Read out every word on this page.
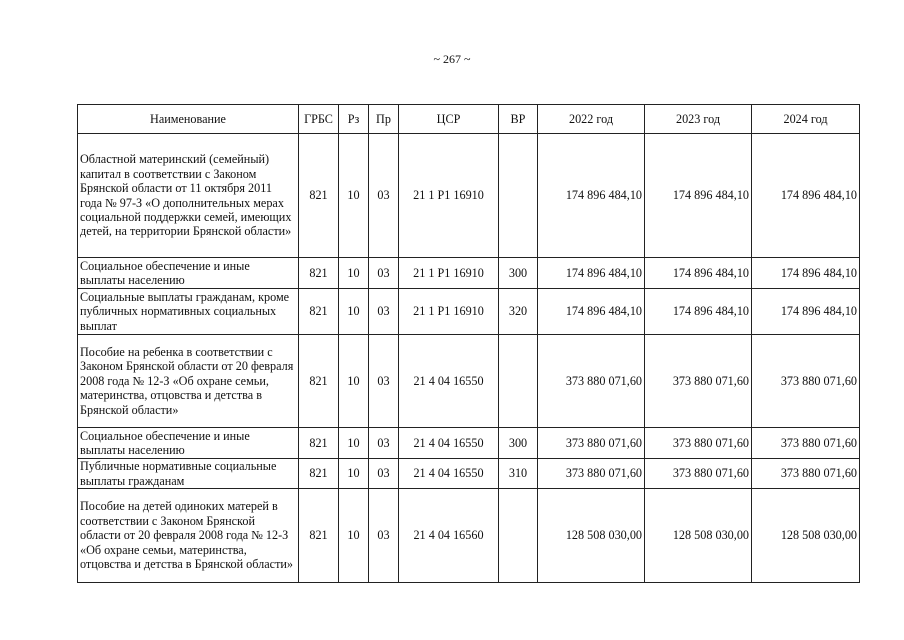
~ 267 ~
Наименование	ГРБС	Рз	Пр	ЦСР	ВР	2022 год	2023 год	2024 год
Областной материнский (семейный) капитал в соответствии с Законом Брянской области от 11 октября 2011 года № 97-З «О дополнительных мерах социальной поддержки семей, имеющих детей, на территории Брянской области»	821	10	03	21 1 Р1 16910		174 896 484,10	174 896 484,10	174 896 484,10
Социальное обеспечение и иные выплаты населению	821	10	03	21 1 Р1 16910	300	174 896 484,10	174 896 484,10	174 896 484,10
Социальные выплаты гражданам, кроме публичных нормативных социальных выплат	821	10	03	21 1 Р1 16910	320	174 896 484,10	174 896 484,10	174 896 484,10
Пособие на ребенка в соответствии с Законом Брянской области от 20 февраля 2008 года № 12-З «Об охране семьи, материнства, отцовства и детства в Брянской области»	821	10	03	21 4 04 16550		373 880 071,60	373 880 071,60	373 880 071,60
Социальное обеспечение и иные выплаты населению	821	10	03	21 4 04 16550	300	373 880 071,60	373 880 071,60	373 880 071,60
Публичные нормативные социальные выплаты гражданам	821	10	03	21 4 04 16550	310	373 880 071,60	373 880 071,60	373 880 071,60
Пособие на детей одиноких матерей в соответствии с Законом Брянской области от 20 февраля 2008 года № 12-З «Об охране семьи, материнства, отцовства и детства в Брянской области»	821	10	03	21 4 04 16560		128 508 030,00	128 508 030,00	128 508 030,00
